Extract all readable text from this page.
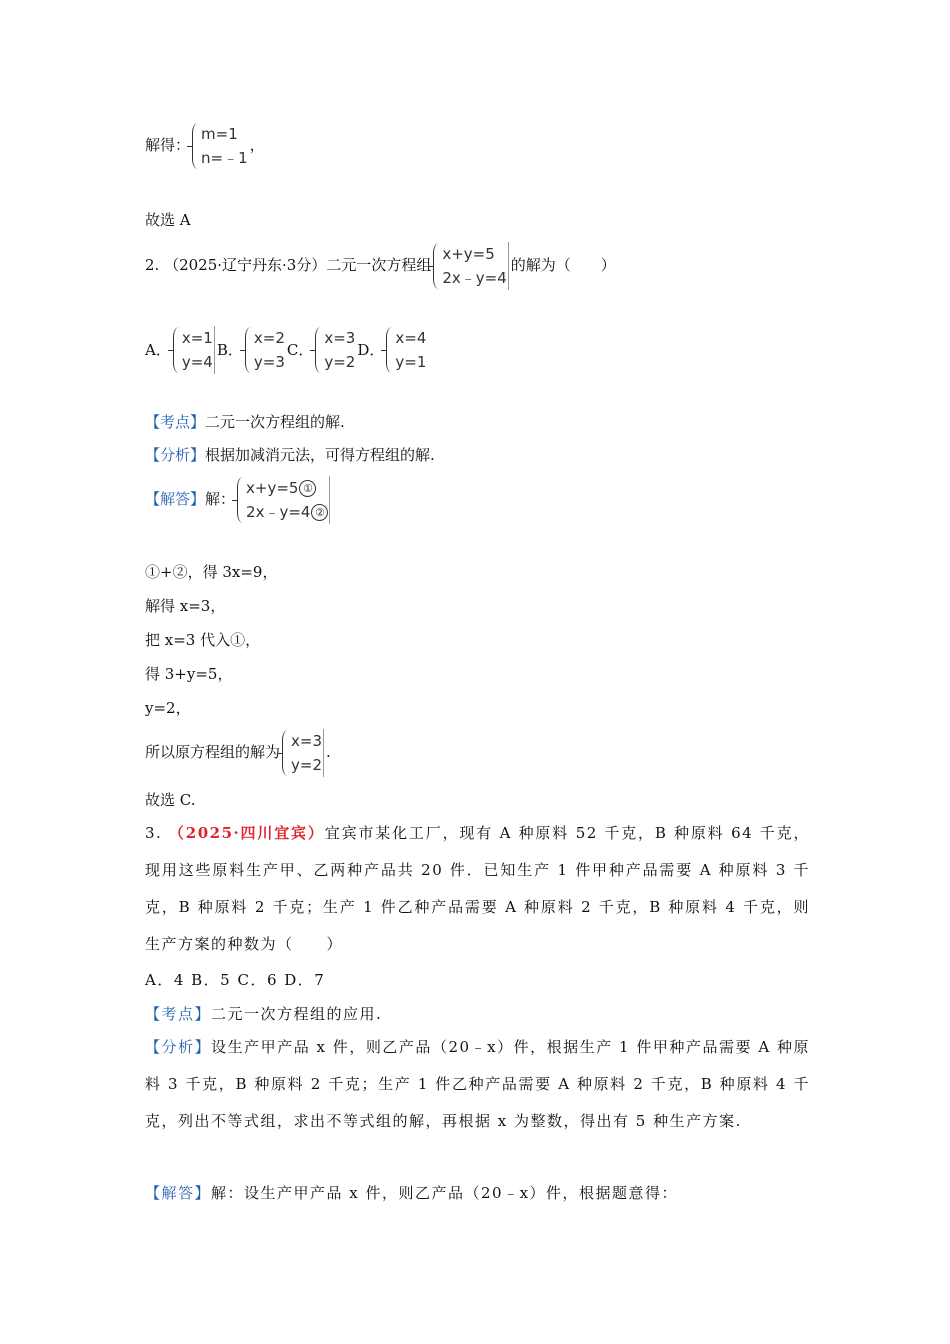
解得：
m=1
n=﹣1
，
故选 A
2. （2025·辽宁丹东·3分）二元一次方程组
x+y=5
2x﹣y=4
的解为（　　）
A．
x=1
y=4
B．
x=2
y=3
C．
x=3
y=2
D．
x=4
y=1
【考点】二元一次方程组的解.
【分析】根据加减消元法，可得方程组的解.
【解答】解：
x+y=5 ①
2x﹣y=4 ②
①+②，得 3x=9，
解得 x=3，
把 x=3 代入①，
得 3+y=5，
y=2，
所以原方程组的解为
x=3
y=2
.
故选 C.
3. （2025·四川宜宾）宜宾市某化工厂，现有 A 种原料 52 千克，B 种原料 64 千克，现用这些原料生产甲、乙两种产品共 20 件．已知生产 1 件甲种产品需要 A 种原料 3 千克，B 种原料 2 千克；生产 1 件乙种产品需要 A 种原料 2 千克，B 种原料 4 千克，则生产方案的种数为（　　）
A．4 B．5 C．6 D．7
【考点】二元一次方程组的应用.
【分析】设生产甲产品 x 件，则乙产品（20﹣x）件，根据生产 1 件甲种产品需要 A 种原料 3 千克，B 种原料 2 千克；生产 1 件乙种产品需要 A 种原料 2 千克，B 种原料 4 千克，列出不等式组，求出不等式组的解，再根据 x 为整数，得出有 5 种生产方案.
【解答】解：设生产甲产品 x 件，则乙产品（20﹣x）件，根据题意得：
